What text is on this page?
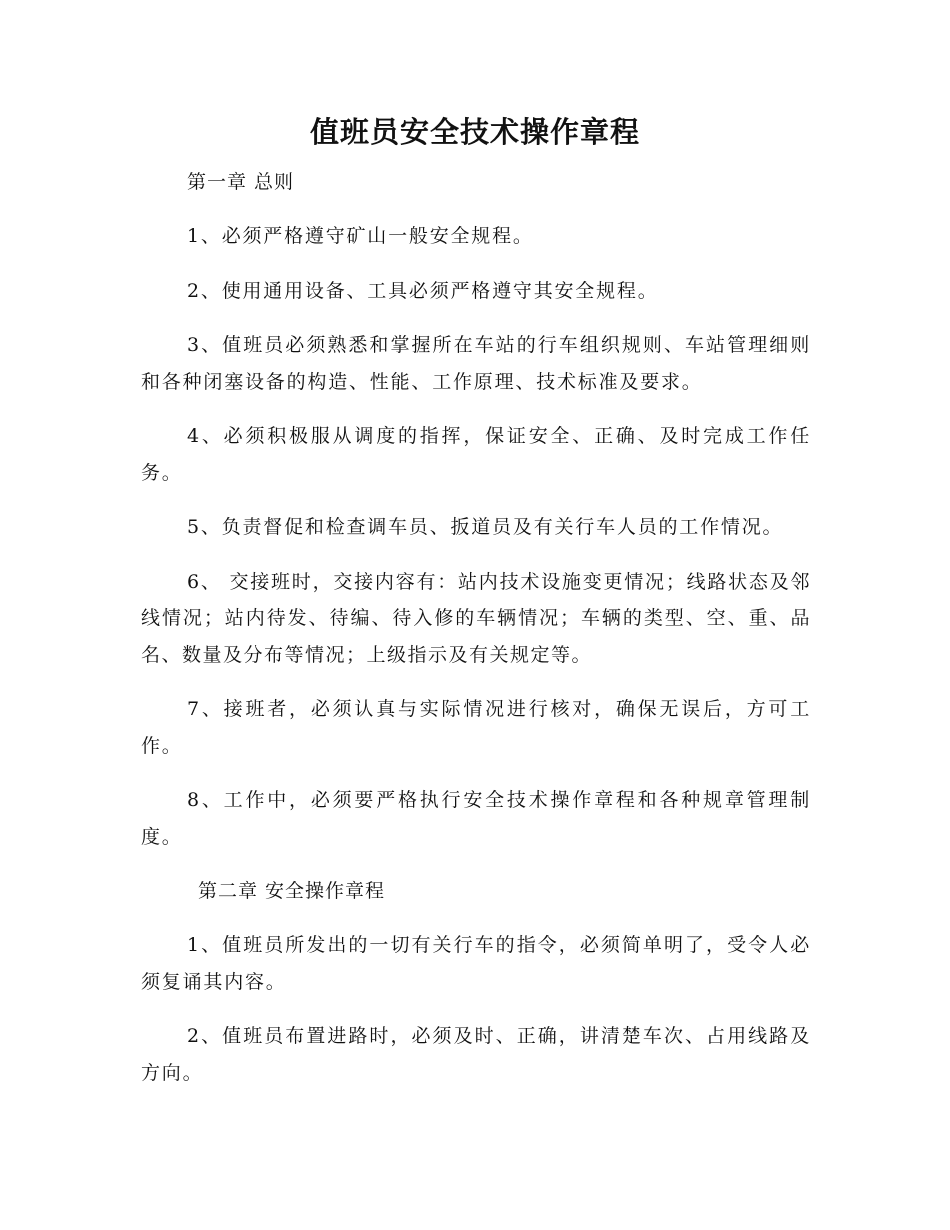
值班员安全技术操作章程

第一章 总则

1、必须严格遵守矿山一般安全规程。

2、使用通用设备、工具必须严格遵守其安全规程。

3、值班员必须熟悉和掌握所在车站的行车组织规则、车站管理细则和各种闭塞设备的构造、性能、工作原理、技术标准及要求。

4、必须积极服从调度的指挥，保证安全、正确、及时完成工作任务。

5、负责督促和检查调车员、扳道员及有关行车人员的工作情况。

6、 交接班时，交接内容有：站内技术设施变更情况；线路状态及邻线情况；站内待发、待编、待入修的车辆情况；车辆的类型、空、重、品名、数量及分布等情况；上级指示及有关规定等。

7、接班者，必须认真与实际情况进行核对，确保无误后，方可工作。

8、工作中，必须要严格执行安全技术操作章程和各种规章管理制度。

第二章 安全操作章程

1、值班员所发出的一切有关行车的指令，必须简单明了，受令人必须复诵其内容。

2、值班员布置进路时，必须及时、正确，讲清楚车次、占用线路及方向。
